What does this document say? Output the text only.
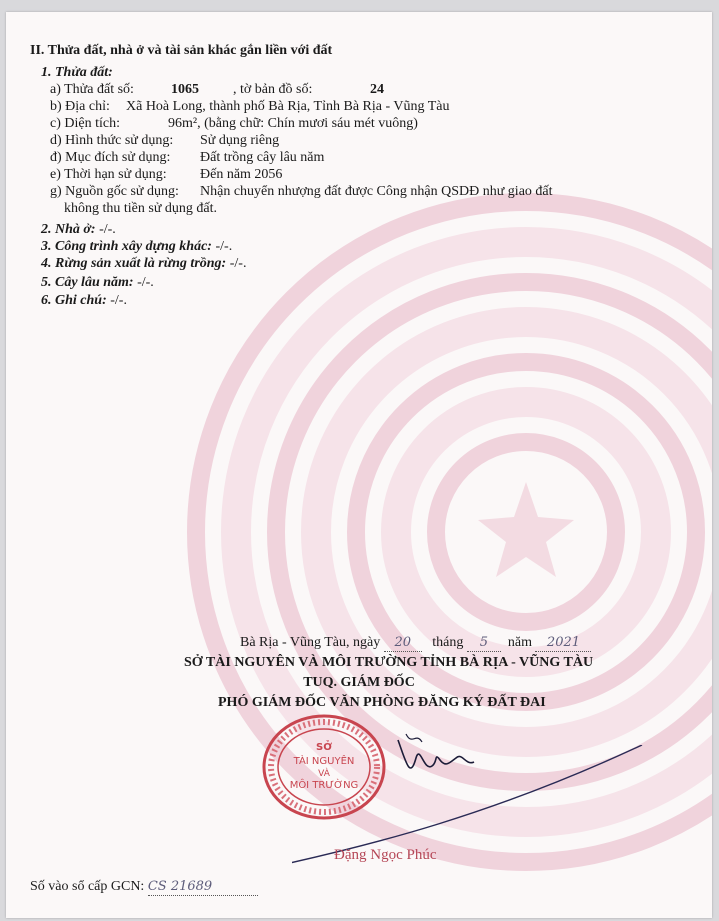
II. Thửa đất, nhà ở và tài sản khác gắn liền với đất
1. Thửa đất:
a) Thửa đất số:	1065 , tờ bản đồ số:	24
b) Địa chỉ: Xã Hoà Long, thành phố Bà Rịa, Tỉnh Bà Rịa - Vũng Tàu
c) Diện tích:	96m², (bằng chữ: Chín mươi sáu mét vuông)
d) Hình thức sử dụng: Sử dụng riêng
đ) Mục đích sử dụng: Đất trồng cây lâu năm
e) Thời hạn sử dụng: Đến năm 2056
g) Nguồn gốc sử dụng: Nhận chuyển nhượng đất được Công nhận QSDĐ như giao đất
không thu tiền sử dụng đất.
2. Nhà ở: -/-.
3. Công trình xây dựng khác: -/-.
4. Rừng sản xuất là rừng trồng: -/-.
5. Cây lâu năm: -/-.
6. Ghi chú: -/-.
Bà Rịa - Vũng Tàu, ngày 20 tháng 5 năm 2021
SỞ TÀI NGUYÊN VÀ MÔI TRƯỜNG TỈNH BÀ RỊA - VŨNG TÀU
TUQ. GIÁM ĐỐC
PHÓ GIÁM ĐỐC VĂN PHÒNG ĐĂNG KÝ ĐẤT ĐAI
SỞ
TÀI NGUYÊN
VÀ
MÔI TRƯỜNG
Đặng Ngọc Phúc
Số vào sổ cấp GCN: CS 21689
